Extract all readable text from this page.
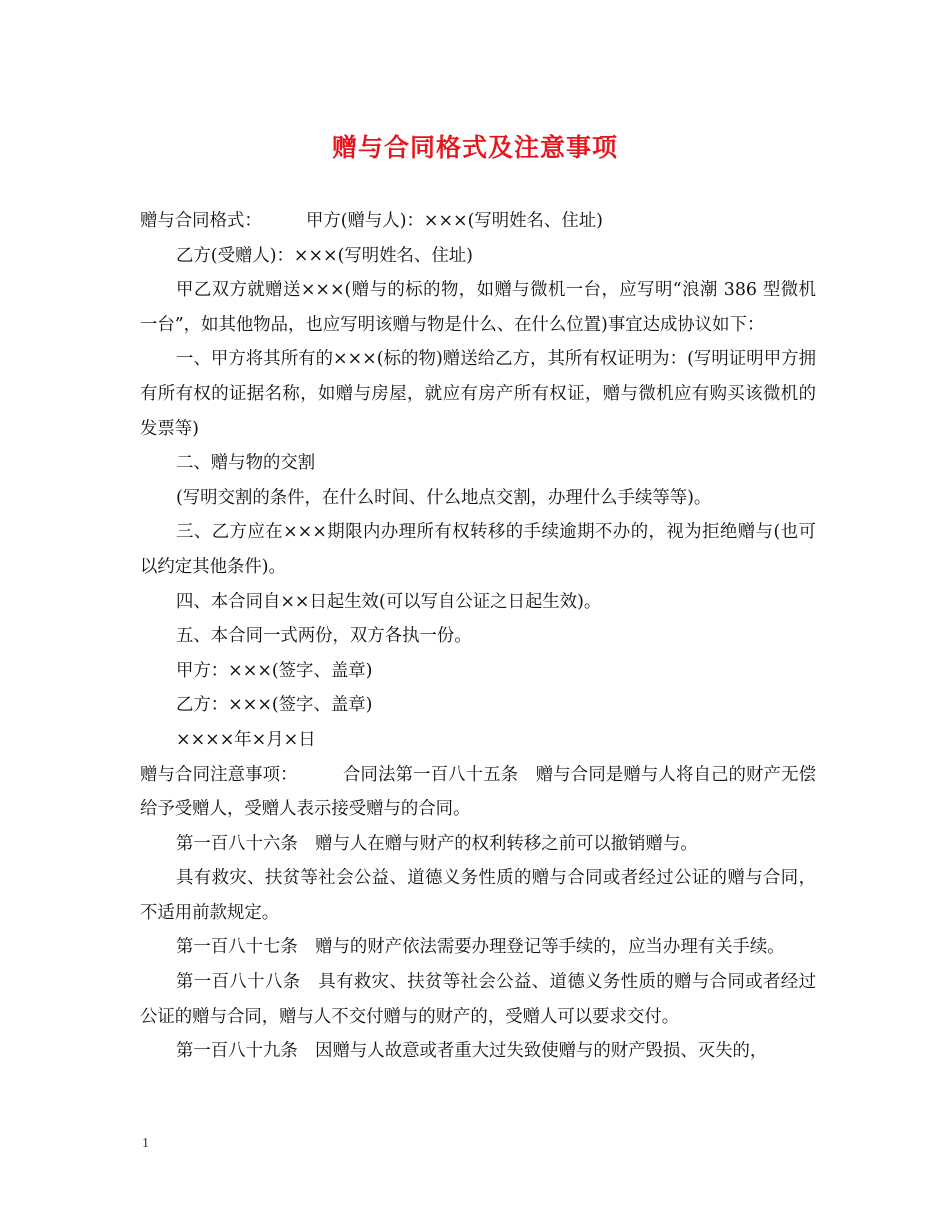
赠与合同格式及注意事项

赠与合同格式：        甲方(赠与人)：×××(写明姓名、住址)

乙方(受赠人)：×××(写明姓名、住址)

甲乙双方就赠送×××(赠与的标的物，如赠与微机一台，应写明“浪潮 386 型微机一台”，如其他物品，也应写明该赠与物是什么、在什么位置)事宜达成协议如下：

一、甲方将其所有的×××(标的物)赠送给乙方，其所有权证明为：(写明证明甲方拥有所有权的证据名称，如赠与房屋，就应有房产所有权证，赠与微机应有购买该微机的发票等)

二、赠与物的交割

(写明交割的条件，在什么时间、什么地点交割，办理什么手续等等)。

三、乙方应在×××期限内办理所有权转移的手续逾期不办的，视为拒绝赠与(也可以约定其他条件)。

四、本合同自××日起生效(可以写自公证之日起生效)。

五、本合同一式两份，双方各执一份。

甲方：×××(签字、盖章)

乙方：×××(签字、盖章)

××××年×月×日

赠与合同注意事项：        合同法第一百八十五条　赠与合同是赠与人将自己的财产无偿给予受赠人，受赠人表示接受赠与的合同。

第一百八十六条　赠与人在赠与财产的权利转移之前可以撤销赠与。

具有救灾、扶贫等社会公益、道德义务性质的赠与合同或者经过公证的赠与合同，不适用前款规定。

第一百八十七条　赠与的财产依法需要办理登记等手续的，应当办理有关手续。

第一百八十八条　具有救灾、扶贫等社会公益、道德义务性质的赠与合同或者经过公证的赠与合同，赠与人不交付赠与的财产的，受赠人可以要求交付。

第一百八十九条　因赠与人故意或者重大过失致使赠与的财产毁损、灭失的，

1
